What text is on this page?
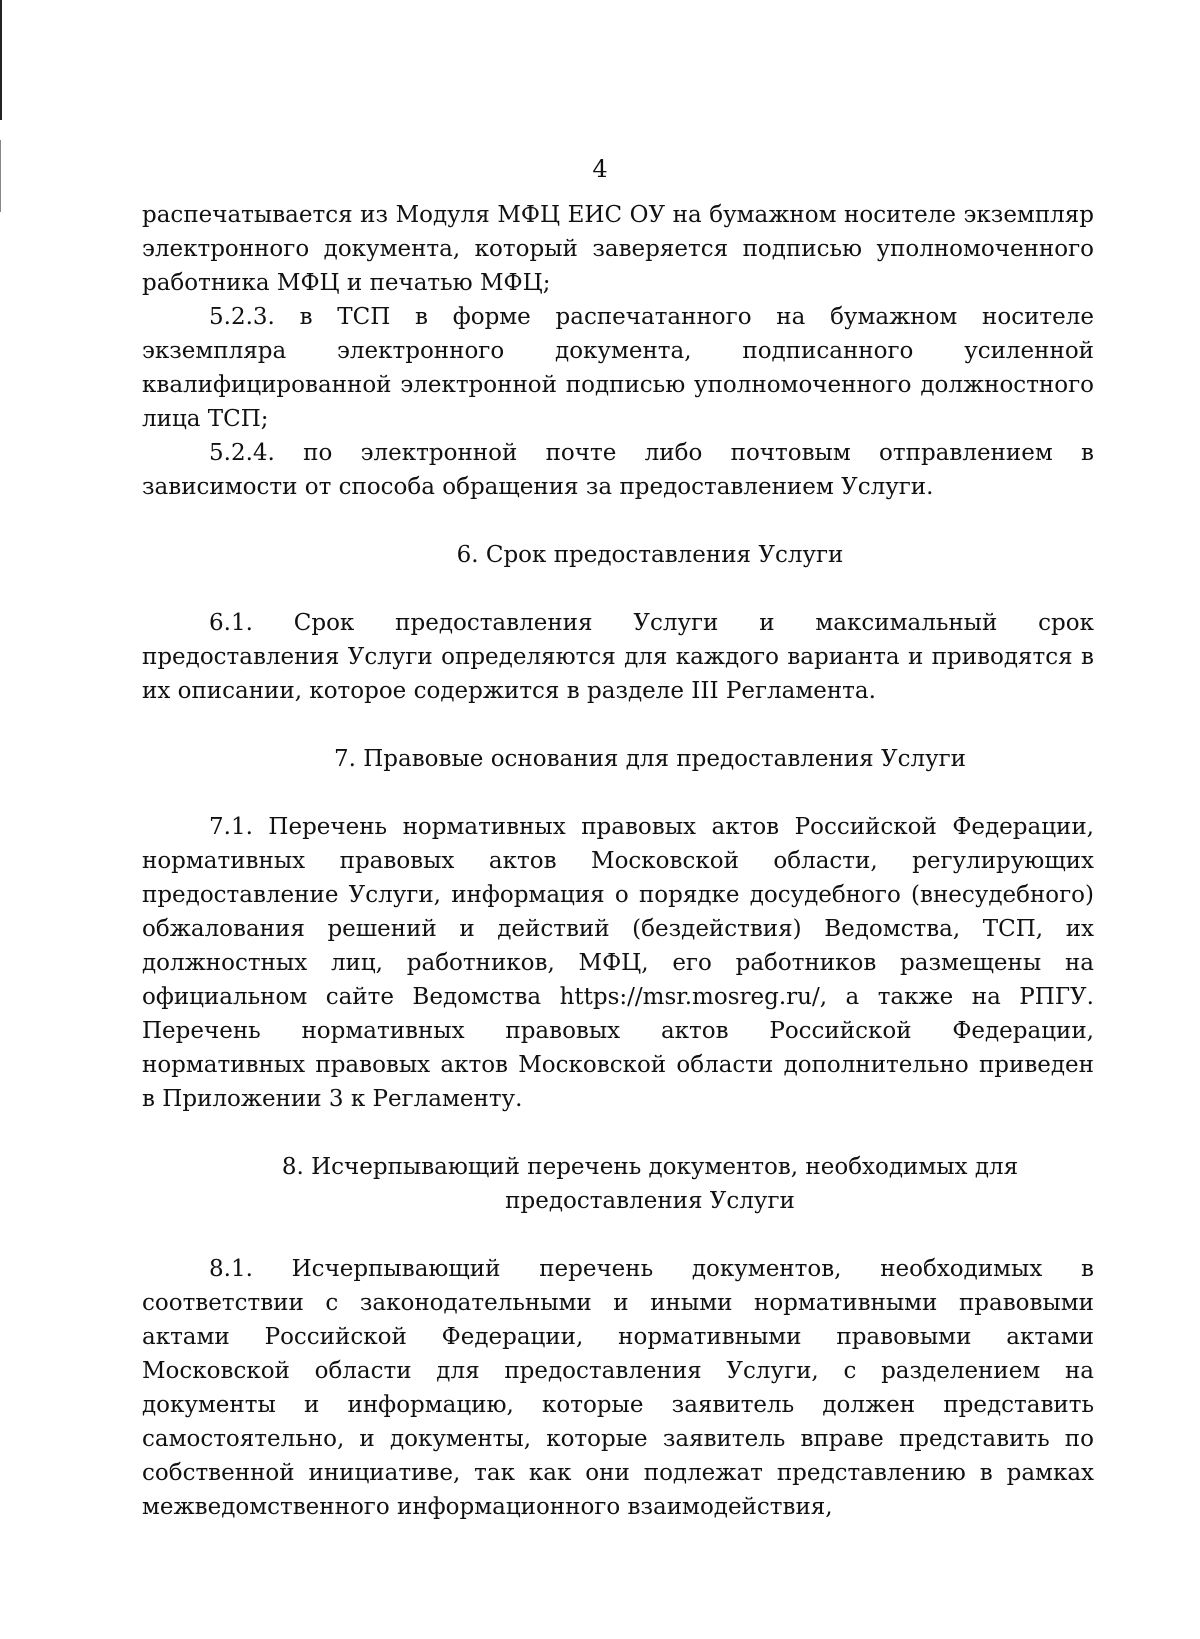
4

распечатывается из Модуля МФЦ ЕИС ОУ на бумажном носителе экземпляр электронного документа, который заверяется подписью уполномоченного работника МФЦ и печатью МФЦ;

5.2.3. в ТСП в форме распечатанного на бумажном носителе экземпляра электронного документа, подписанного усиленной квалифицированной электронной подписью уполномоченного должностного лица ТСП;

5.2.4. по электронной почте либо почтовым отправлением в зависимости от способа обращения за предоставлением Услуги.

6. Срок предоставления Услуги

6.1. Срок предоставления Услуги и максимальный срок предоставления Услуги определяются для каждого варианта и приводятся в их описании, которое содержится в разделе III Регламента.

7. Правовые основания для предоставления Услуги

7.1. Перечень нормативных правовых актов Российской Федерации, нормативных правовых актов Московской области, регулирующих предоставление Услуги, информация о порядке досудебного (внесудебного) обжалования решений и действий (бездействия) Ведомства, ТСП, их должностных лиц, работников, МФЦ, его работников размещены на официальном сайте Ведомства https://msr.mosreg.ru/, а также на РПГУ. Перечень нормативных правовых актов Российской Федерации, нормативных правовых актов Московской области дополнительно приведен в Приложении 3 к Регламенту.

8. Исчерпывающий перечень документов, необходимых для предоставления Услуги

8.1. Исчерпывающий перечень документов, необходимых в соответствии с законодательными и иными нормативными правовыми актами Российской Федерации, нормативными правовыми актами Московской области для предоставления Услуги, с разделением на документы и информацию, которые заявитель должен представить самостоятельно, и документы, которые заявитель вправе представить по собственной инициативе, так как они подлежат представлению в рамках межведомственного информационного взаимодействия,
